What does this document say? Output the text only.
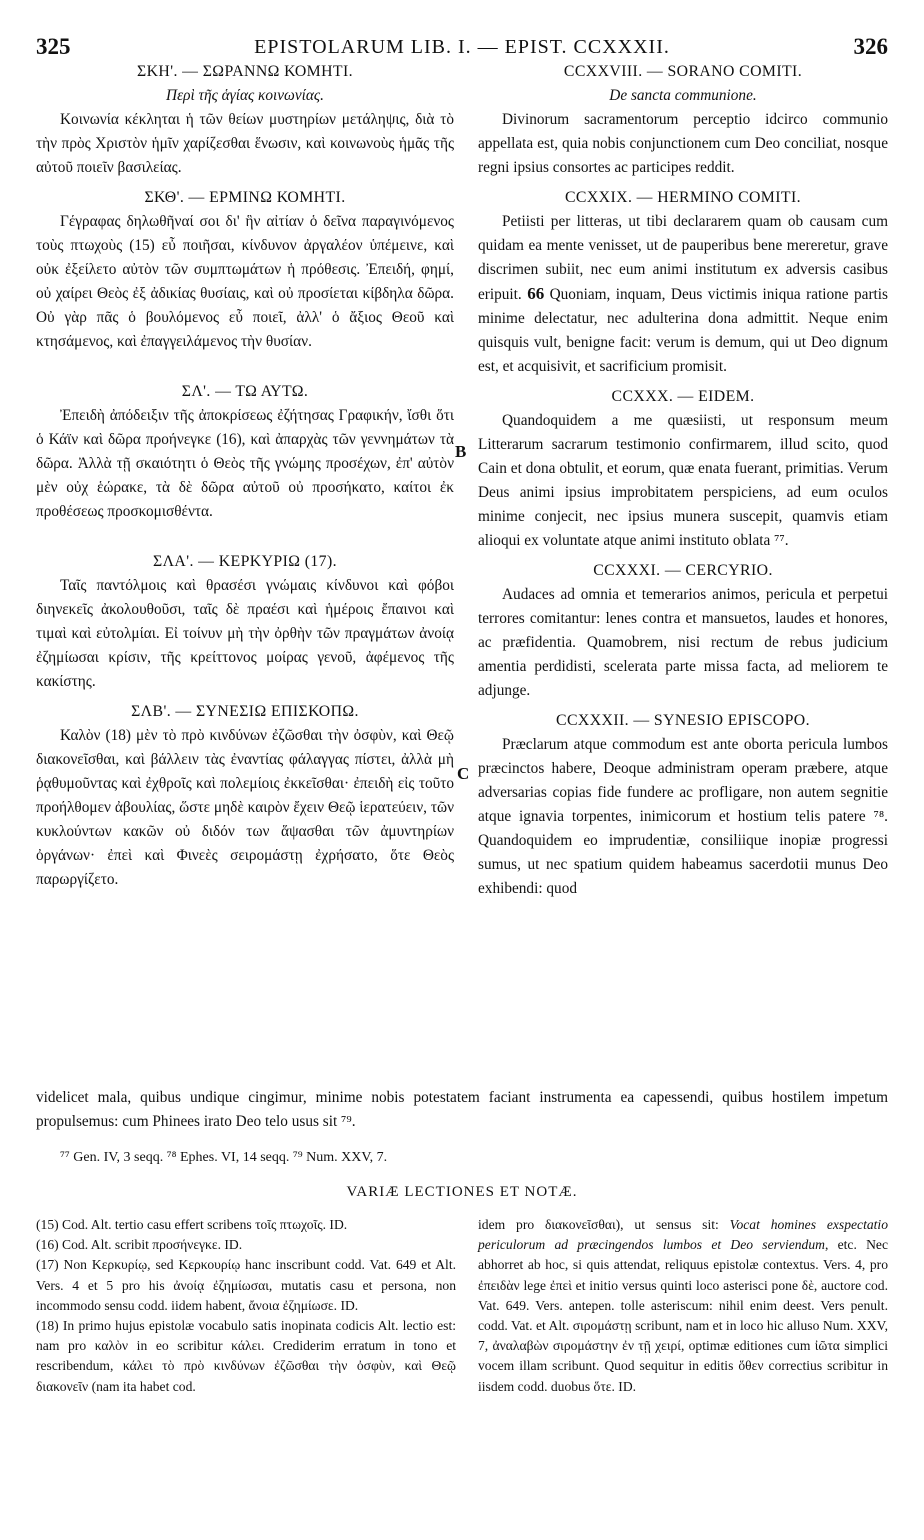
325	EPISTOLARUM LIB. I. — EPIST. CCXXXII.	326
ΣΚΗ'. — ΣΩΡΑΝΝΩ ΚΟΜΗΤΙ.
Περὶ τῆς ἁγίας κοινωνίας.

Κοινωνία κέκληται ἡ τῶν θείων μυστηρίων μετάληψις, διὰ τὸ τὴν πρὸς Χριστὸν ἡμῖν χαρίζεσθαι ἕνωσιν, καὶ κοινωνοὺς ἡμᾶς τῆς αὐτοῦ ποιεῖν βασιλείας.

ΣΚΘ'. — ΕΡΜΙΝΩ ΚΟΜΗΤΙ.

Γέγραφας δηλωθῆναί σοι δι' ἣν αἰτίαν ὁ δεῖνα παραγινόμενος τοὺς πτωχοὺς (15) εὖ ποιῆσαι, κίνδυνον ἀργαλέον ὑπέμεινε, καὶ οὐκ ἐξείλετο αὐτὸν τῶν συμπτωμάτων ἡ πρόθεσις. Ἐπειδή, φημί, οὐ χαίρει Θεὸς ἐξ ἀδικίας θυσίαις, καὶ οὐ προσίεται κίβδηλα δῶρα. Οὐ γὰρ πᾶς ὁ βουλόμενος εὖ ποιεῖ, ἀλλ' ὁ ἄξιος Θεοῦ καὶ κτησάμενος, καὶ ἐπαγγειλάμενος τὴν θυσίαν.

ΣΛ'. — ΤΩ ΑΥΤΩ.

Ἐπειδὴ ἀπόδειξιν τῆς ἀποκρίσεως ἐζήτησας Γραφικήν, ἴσθι ὅτι ὁ Κάϊν καὶ δῶρα προήνεγκε (16), καὶ ἀπαρχὰς τῶν γεννημάτων τὰ δῶρα. Ἀλλὰ τῇ σκαιότητι ὁ Θεὸς τῆς γνώμης προσέχων, ἐπ' αὐτὸν μὲν οὐχ ἑώρακε, τὰ δὲ δῶρα αὐτοῦ οὐ προσήκατο, καίτοι ἐκ προθέσεως προσκομισθέντα.

ΣΛΑ'. — ΚΕΡΚΥΡΙΩ (17).

Ταῖς παντόλμοις καὶ θρασέσι γνώμαις κίνδυνοι καὶ φόβοι διηνεκεῖς ἀκολουθοῦσι, ταῖς δὲ πραέσι καὶ ἡμέροις ἔπαινοι καὶ τιμαὶ καὶ εὐτολμίαι. Εἰ τοίνυν μὴ τὴν ὀρθὴν τῶν πραγμάτων ἀνοίᾳ ἐζημίωσαι κρίσιν, τῆς κρείττονος μοίρας γενοῦ, ἀφέμενος τῆς κακίστης.

ΣΛΒ'. — ΣΥΝΕΣΙΩ ΕΠΙΣΚΟΠΩ.

Καλὸν (18) μὲν τὸ πρὸ κινδύνων ἐζῶσθαι τὴν ὀσφὺν, καὶ Θεῷ διακονεῖσθαι, καὶ βάλλειν τὰς ἐναντίας φάλαγγας πίστει, ἀλλὰ μὴ ῥᾳθυμοῦντας καὶ ἐχθροῖς καὶ πολεμίοις ἐκκεῖσθαι· ἐπειδὴ εἰς τοῦτο προήλθομεν ἀβουλίας, ὥστε μηδὲ καιρὸν ἔχειν Θεῷ ἱερατεύειν, τῶν κυκλούντων κακῶν οὐ διδόν των ἅψασθαι τῶν ἀμυντηρίων ὀργάνων· ἐπεὶ καὶ Φινεὲς σειρομάστῃ ἐχρήσατο, ὅτε Θεὸς παρωργίζετο.

B
C
CCXXVIII. — SORANO COMITI.
De sancta communione.

Divinorum sacramentorum perceptio idcirco communio appellata est, quia nobis conjunctionem cum Deo conciliat, nosque regni ipsius consortes ac participes reddit.

CCXXIX. — HERMINO COMITI.

Petiisti per litteras, ut tibi declararem quam ob causam cum quidam ea mente venisset, ut de pauperibus bene mereretur, grave discrimen subiit, nec eum animi institutum ex adversis casibus eripuit. 66 Quoniam, inquam, Deus victimis iniqua ratione partis minime delectatur, nec adulterina dona admittit. Neque enim quisquis vult, benigne facit: verum is demum, qui ut Deo dignum est, et acquisivit, et sacrificium promisit.

CCXXX. — EIDEM.

Quandoquidem a me quæsiisti, ut responsum meum Litterarum sacrarum testimonio confirmarem, illud scito, quod Cain et dona obtulit, et eorum, quæ enata fuerant, primitias. Verum Deus animi ipsius improbitatem perspiciens, ad eum oculos minime conjecit, nec ipsius munera suscepit, quamvis etiam alioqui ex voluntate atque animi instituto oblata ⁷⁷.

CCXXXI. — CERCYRIO.

Audaces ad omnia et temerarios animos, pericula et perpetui terrores comitantur: lenes contra et mansuetos, laudes et honores, ac præfidentia. Quamobrem, nisi rectum de rebus judicium amentia perdidisti, scelerata parte missa facta, ad meliorem te adjunge.

CCXXXII. — SYNESIO EPISCOPO.

Præclarum atque commodum est ante oborta pericula lumbos præcinctos habere, Deoque administram operam præbere, atque adversarias copias fide fundere ac profligare, non autem segnitie atque ignavia torpentes, inimicorum et hostium telis patere ⁷⁸. Quandoquidem eo imprudentiæ, consiliique inopiæ progressi sumus, ut nec spatium quidem habeamus sacerdotii munus Deo exhibendi: quod

videlicet mala, quibus undique cingimur, minime nobis potestatem faciant instrumenta ea capessendi, quibus hostilem impetum propulsemus: cum Phinees irato Deo telo usus sit ⁷⁹.
⁷⁷ Gen. IV, 3 seqq. ⁷⁸ Ephes. VI, 14 seqq. ⁷⁹ Num. XXV, 7.
VARIÆ LECTIONES ET NOTÆ.

(15) Cod. Alt. tertio casu effert scribens τοῖς πτωχοῖς. ID.

(16) Cod. Alt. scribit προσήνεγκε. ID.

(17) Non Κερκυρίῳ, sed Κερκουρίῳ hanc inscribunt codd. Vat. 649 et Alt. Vers. 4 et 5 pro his ἀνοίᾳ ἐζημίωσαι, mutatis casu et persona, non incommodo sensu codd. iidem habent, ἄνοια ἐζημίωσε. ID.

(18) In primo hujus epistolæ vocabulo satis inopinata codicis Alt. lectio est: nam pro καλὸν in eo scribitur κάλει. Crediderim erratum in tono et rescribendum, κάλει τὸ πρὸ κινδύνων ἐζῶσθαι τὴν ὀσφὺν, καὶ Θεῷ διακονεῖν (nam ita habet cod.

idem pro διακονεῖσθαι), ut sensus sit: Vocat homines exspectatio periculorum ad præcingendos lumbos et Deo serviendum, etc. Nec abhorret ab hoc, si quis attendat, reliquus epistolæ contextus. Vers. 4, pro ἐπειδὰν lege ἐπεὶ et initio versus quinti loco asterisci pone δὲ, auctore cod. Vat. 649. Vers. antepen. tolle asteriscum: nihil enim deest. Vers penult. codd. Vat. et Alt. σιρομάστῃ scribunt, nam et in loco hic alluso Num. XXV, 7, ἀναλαβὼν σιρομάστην ἐν τῇ χειρί, optimæ editiones cum ἰῶτα simplici vocem illam scribunt. Quod sequitur in editis ὅθεν correctius scribitur in iisdem codd. duobus ὅτε. ID.
